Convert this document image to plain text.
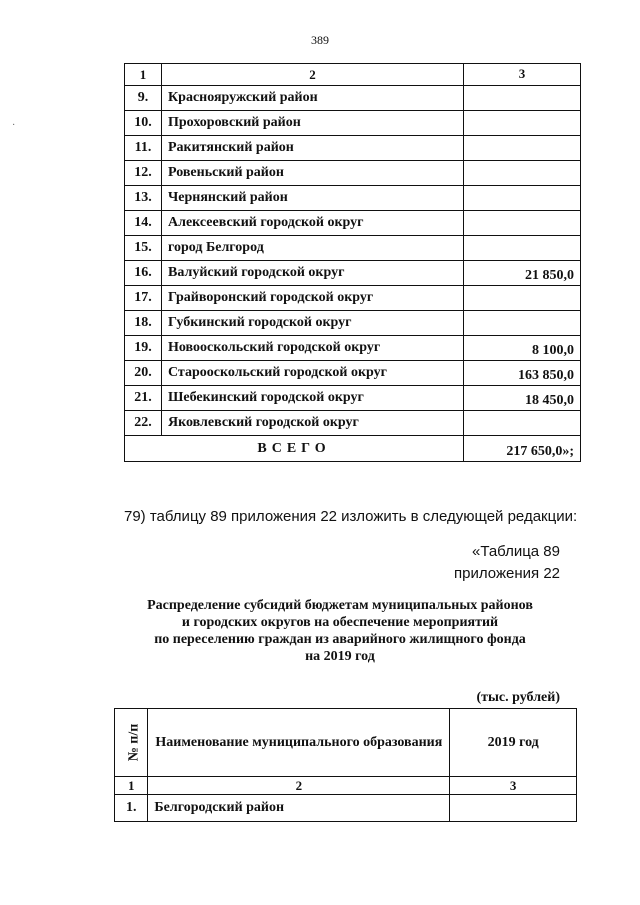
389
·
1	2	3
9.	Краснояружский район	
10.	Прохоровский район	
11.	Ракитянский район	
12.	Ровеньский район	
13.	Чернянский район	
14.	Алексеевский городской округ	
15.	город Белгород	
16.	Валуйский городской округ	21 850,0
17.	Грайворонский городской округ	
18.	Губкинский городской округ	
19.	Новооскольский городской округ	8 100,0
20.	Старооскольский городской округ	163 850,0
21.	Шебекинский городской округ	18 450,0
22.	Яковлевский городской округ	
ВСЕГО		217 650,0»;
79) таблицу 89 приложения 22 изложить в следующей редакции:
«Таблица 89
приложения 22
Распределение субсидий бюджетам муниципальных районов
и городских округов на обеспечение мероприятий
по переселению граждан из аварийного жилищного фонда
на 2019 год
(тыс. рублей)
№ п/п	Наименование муниципального образования	2019 год
1	2	3
1.	Белгородский район	
